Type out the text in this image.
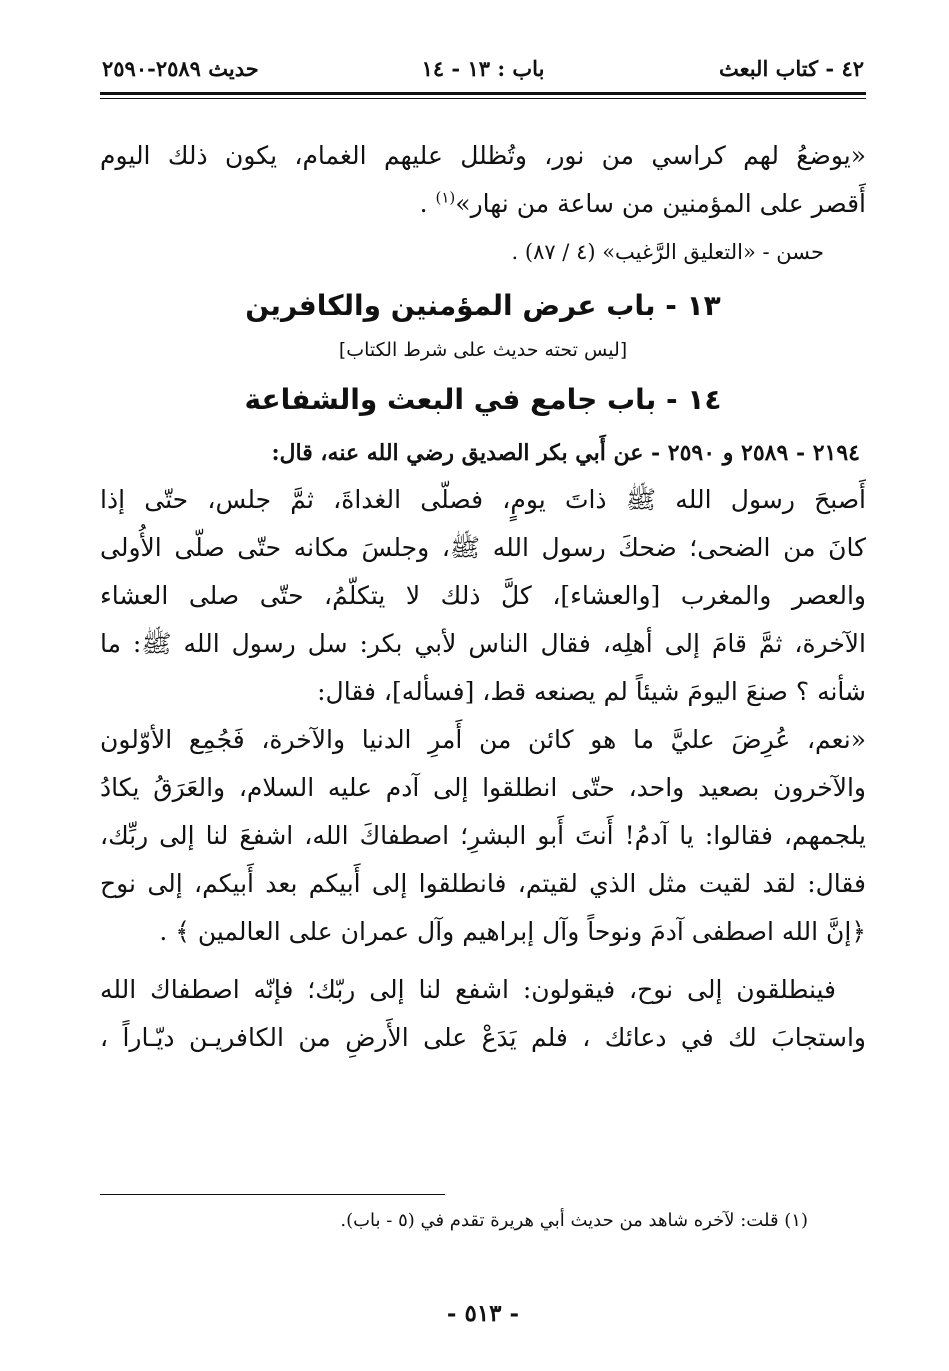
٤٢ - كتاب البعث
باب : ١٣ - ١٤
حديث ٢٥٨٩-٢٥٩٠
«يوضعُ لهم كراسي من نور، وتُظلل عليهم الغمام، يكون ذلك اليوم
أَقصر على المؤمنين من ساعة من نهار»$^{(١)}$ .
حسن - «التعليق الرَّغيب» (٤ / ٨٧) .
١٣ - باب عرض المؤمنين والكافرين
[ليس تحته حديث على شرط الكتاب]
١٤ - باب جامع في البعث والشفاعة
٢١٩٤ - ٢٥٨٩ و ٢٥٩٠ - عن أَبي بكر الصديق رضي الله عنه، قال:
أَصبحَ رسول الله ﷺ ذاتَ يومٍ، فصلّى الغداةَ، ثمَّ جلس، حتّى إذا
كانَ من الضحى؛ ضحكَ رسول الله ﷺ، وجلسَ مكانه حتّى صلّى الأُولى
والعصر والمغرب [والعشاء]، كلَّ ذلك لا يتكلّمُ، حتّى صلى العشاء
الآخرة، ثمَّ قامَ إلى أهلِه، فقال الناس لأبي بكر: سل رسول الله ﷺ: ما
شأنه ؟ صنعَ اليومَ شيئاً لم يصنعه قط، [فسأله]، فقال:
«نعم، عُرِضَ عليَّ ما هو كائن من أَمرِ الدنيا والآخرة، فَجُمِع الأوّلون
والآخرون بصعيد واحد، حتّى انطلقوا إلى آدم عليه السلام، والعَرَقُ يكادُ
يلجمهم، فقالوا: يا آدمُ! أَنتَ أَبو البشرِ؛ اصطفاكَ الله، اشفعَ لنا إلى ربِّك،
فقال: لقد لقيت مثل الذي لقيتم، فانطلقوا إلى أَبيكم بعد أَبيكم، إلى نوح
﴿إنَّ الله اصطفى آدمَ ونوحاً وآل إبراهيم وآل عمران على العالمين ﴾ .
فينطلقون إلى نوح، فيقولون: اشفع لنا إلى ربّك؛ فإنّه اصطفاك الله
واستجابَ لك في دعائك ، فلم يَدَعْ على الأَرضِ من الكافريـن ديّـاراً ،
(١) قلت: لآخره شاهد من حديث أبي هريرة تقدم في (٥ - باب).
- ٥١٣ -
